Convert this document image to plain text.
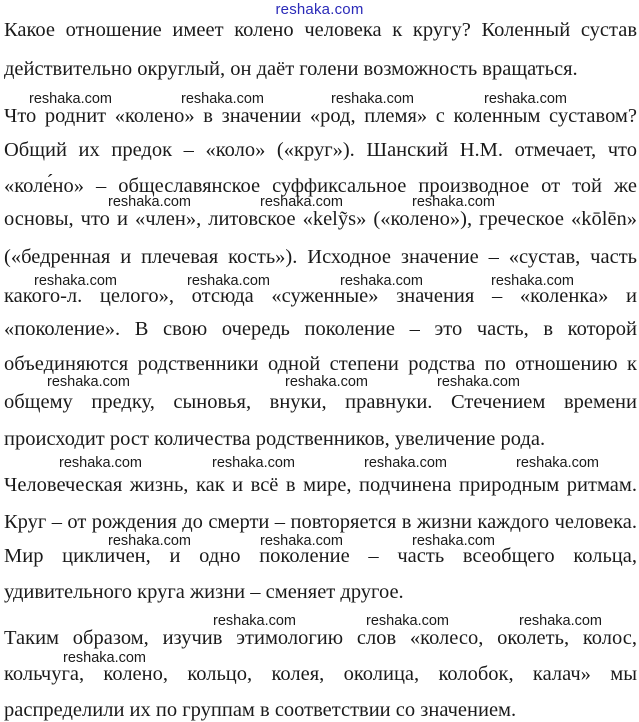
reshaka.com
Какое отношение имеет колено человека к кругу? Коленный сустав
действительно округлый, он даёт голени возможность вращаться.
Что роднит «колено» в значении «род, племя» с коленным суставом?
Общий их предок – «коло» («круг»). Шанский Н.М. отмечает, что
«коле́но» – общеславянское суффиксальное производное от той же
основы, что и «член», литовское «kelỹs» («колено»), греческое «kōlēn»
(«бедренная и плечевая кость»). Исходное значение – «сустав, часть
какого-л. целого», отсюда «суженные» значения – «коленка» и
«поколение». В свою очередь поколение – это часть, в которой
объединяются родственники одной степени родства по отношению к
общему предку, сыновья, внуки, правнуки. Стечением времени
происходит рост количества родственников, увеличение рода.
Человеческая жизнь, как и всё в мире, подчинена природным ритмам.
Круг – от рождения до смерти – повторяется в жизни каждого человека.
Мир цикличен, и одно поколение – часть всеобщего кольца,
удивительного круга жизни – сменяет другое.
Таким образом, изучив этимологию слов «колесо, околеть, колос,
кольчуга, колено, кольцо, колея, околица, колобок, калач» мы
распределили их по группам в соответствии со значением.
reshaka.com	reshaka.com	reshaka.com	reshaka.com
reshaka.com	reshaka.com	reshaka.com
reshaka.com	reshaka.com	reshaka.com	reshaka.com
reshaka.com	reshaka.com	reshaka.com
reshaka.com	reshaka.com	reshaka.com	reshaka.com
reshaka.com	reshaka.com	reshaka.com
reshaka.com	reshaka.com	reshaka.com
reshaka.com
